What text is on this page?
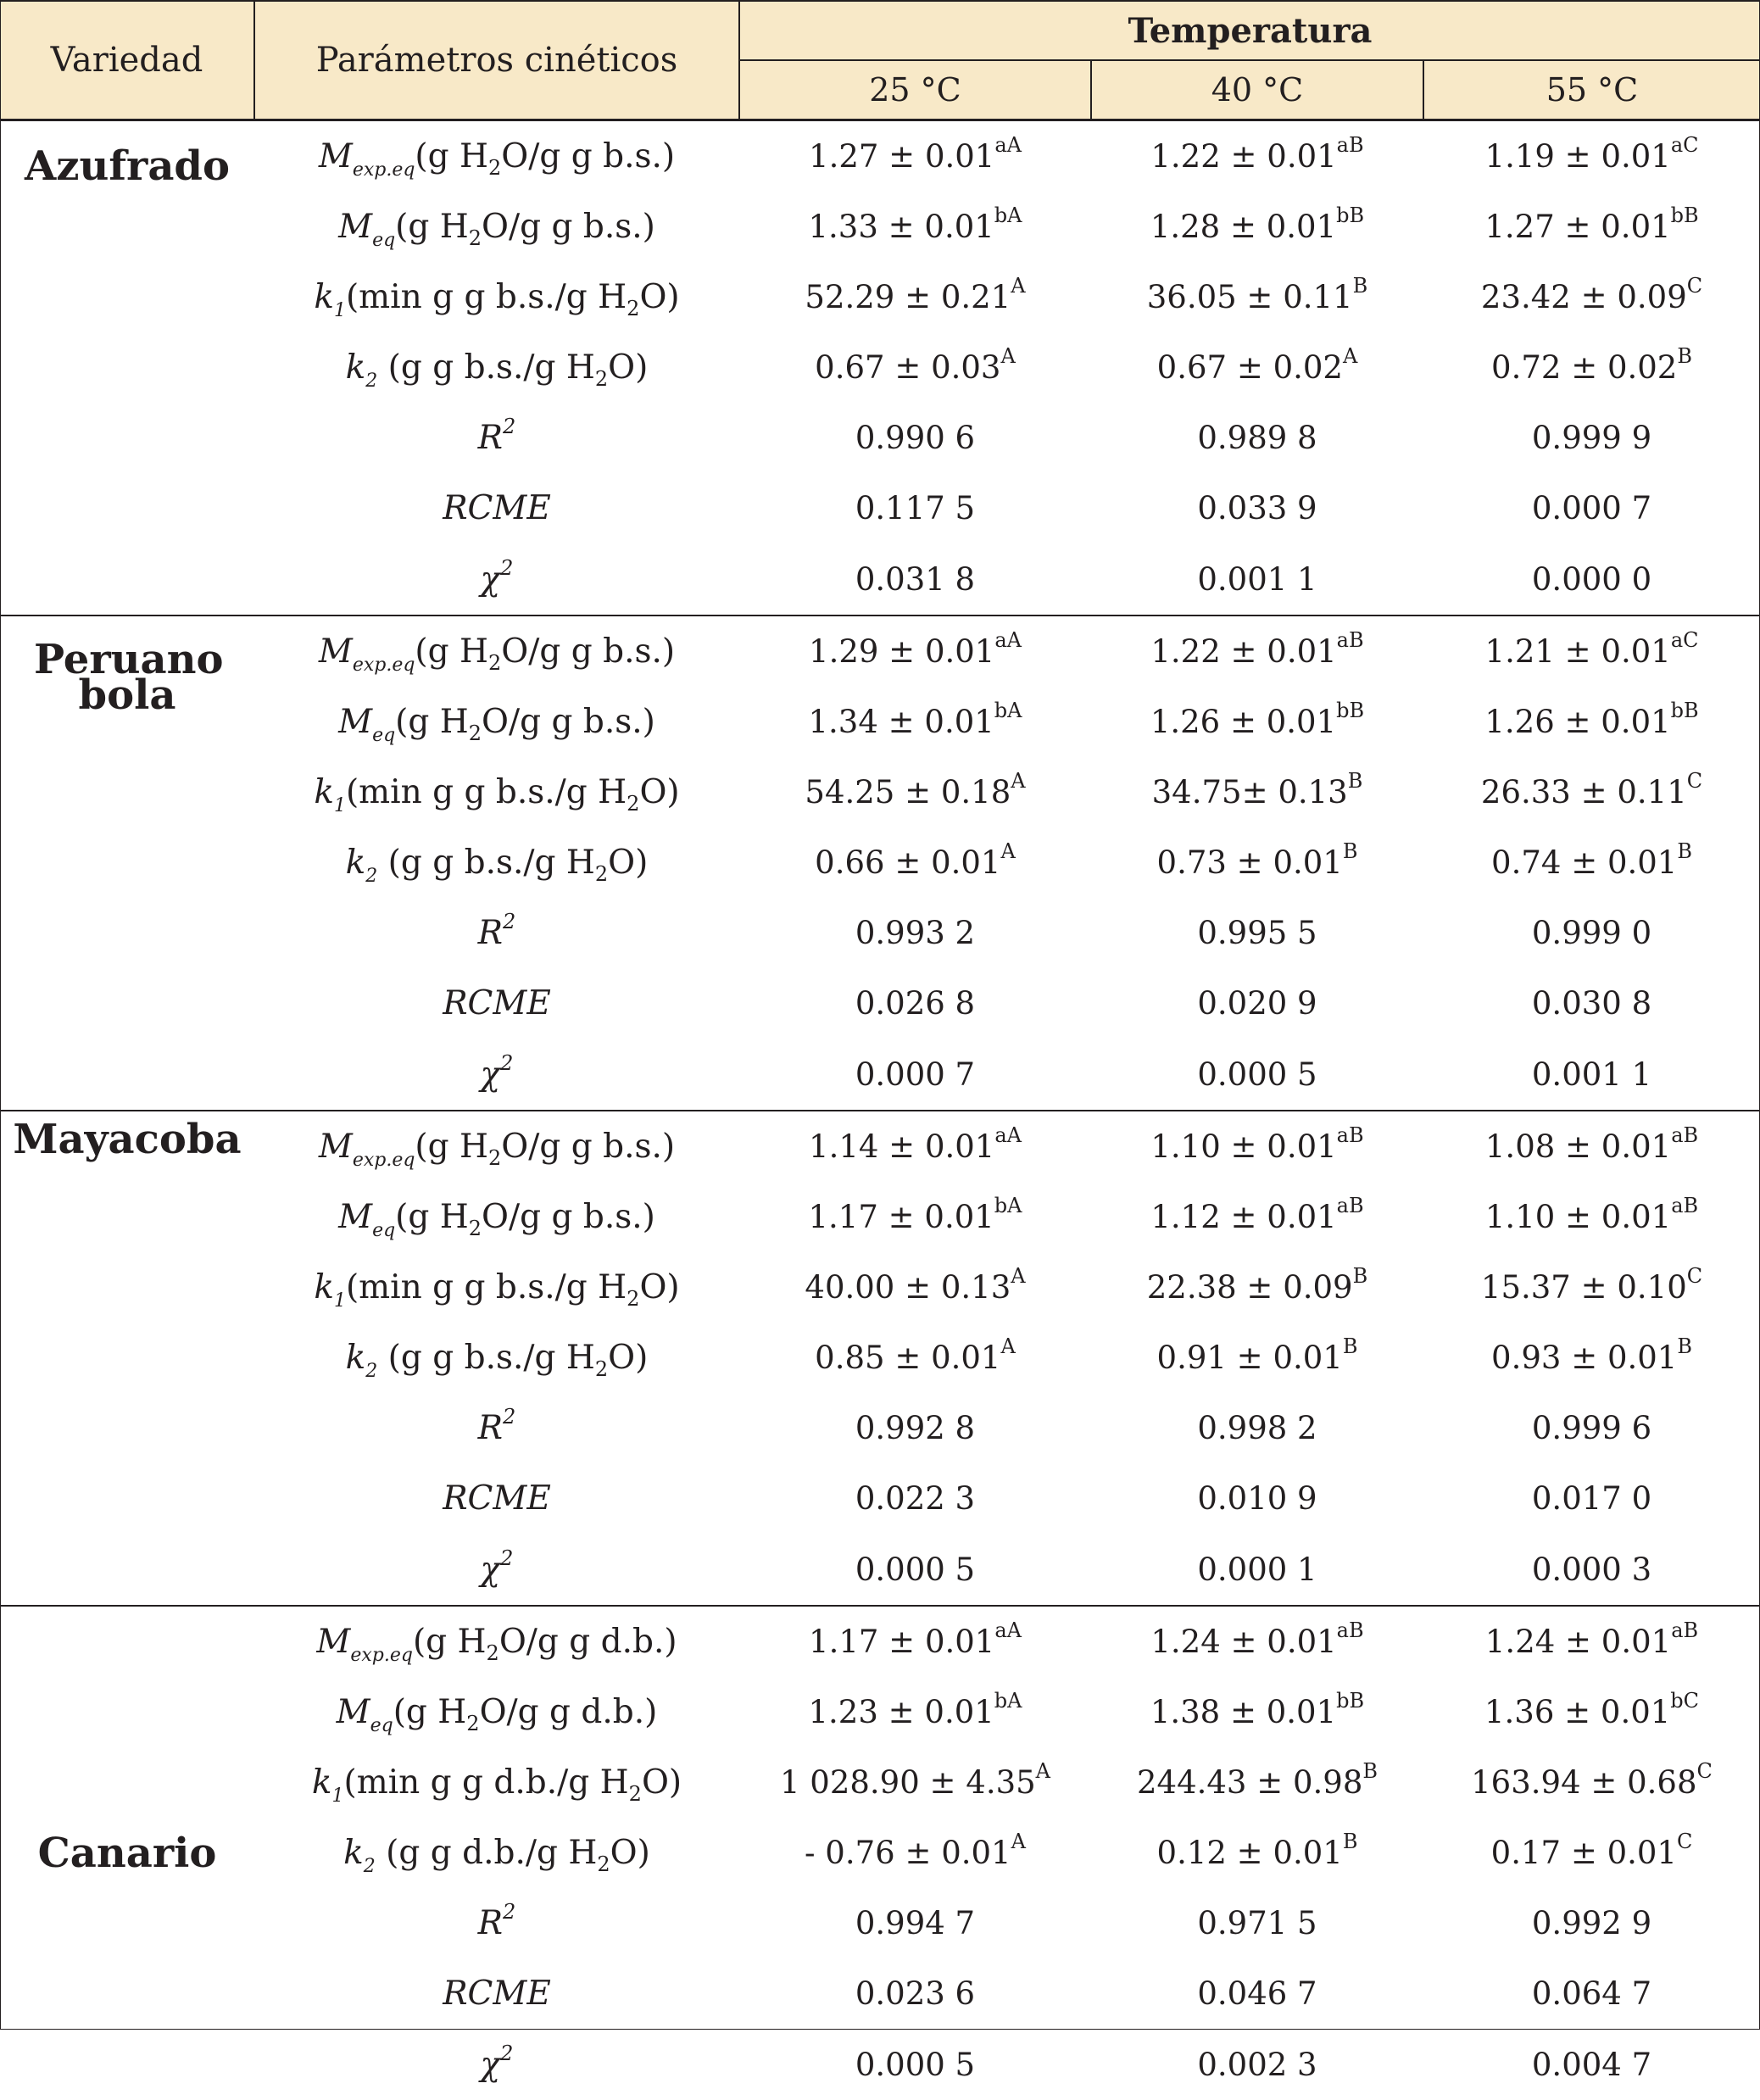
Variedad	Parámetros cinéticos	Temperatura		
		25 °C	40 °C	55 °C
Azufrado	$M_{exp.eq}(g$ $H_2O/g$ g b.s.)	$1.27 \pm 0.01^{aA}$	$1.22 \pm 0.01^{aB}$	$1.19 \pm 0.01^{aC}$
	$M_{eq}(g$ $H_2O/g$ g b.s.)	$1.33 \pm 0.01^{bA}$	$1.28 \pm 0.01^{bB}$	$1.27 \pm 0.01^{bB}$
	$k_1(\min$ g g b.s./g $H_2O$)	$52.29 \pm 0.21^A$	$36.05 \pm 0.11^B$	$23.42 \pm 0.09^C$
	$k_2$ (g g b.s./g $H_2O$)	$0.67 \pm 0.03^A$	$0.67 \pm 0.02^A$	$0.72 \pm 0.02^B$
	$R^2$	0.990 6	0.989 8	0.999 9
	RCME	0.117 5	0.033 9	0.000 7
	$\chi^2$	0.031 8	0.001 1	0.000 0
Peruano bola	$M_{exp.eq}(g$ $H_2O/g$ g b.s.)	$1.29 \pm 0.01^{aA}$	$1.22 \pm 0.01^{aB}$	$1.21 \pm 0.01^{aC}$
	$M_{eq}(g$ $H_2O/g$ g b.s.)	$1.34 \pm 0.01^{bA}$	$1.26 \pm 0.01^{bB}$	$1.26 \pm 0.01^{bB}$
	$k_1(\min$ g g b.s./g $H_2O$)	$54.25 \pm 0.18^A$	$34.75\pm 0.13^B$	$26.33 \pm 0.11^C$
	$k_2$ (g g b.s./g $H_2O$)	$0.66 \pm 0.01^A$	$0.73 \pm 0.01^B$	$0.74 \pm 0.01^B$
	$R^2$	0.993 2	0.995 5	0.999 0
	RCME	0.026 8	0.020 9	0.030 8
	$\chi^2$	0.000 7	0.000 5	0.001 1
Mayacoba	$M_{exp.eq}(g$ $H_2O/g$ g b.s.)	$1.14 \pm 0.01^{aA}$	$1.10 \pm 0.01^{aB}$	$1.08 \pm 0.01^{aB}$
	$M_{eq}(g$ $H_2O/g$ g b.s.)	$1.17 \pm 0.01^{bA}$	$1.12 \pm 0.01^{aB}$	$1.10 \pm 0.01^{aB}$
	$k_1(\min$ g g b.s./g $H_2O$)	$40.00 \pm 0.13^A$	$22.38 \pm 0.09^B$	$15.37 \pm 0.10^C$
	$k_2$ (g g b.s./g $H_2O$)	$0.85 \pm 0.01^A$	$0.91 \pm 0.01^B$	$0.93 \pm 0.01^B$
	$R^2$	0.992 8	0.998 2	0.999 6
	RCME	0.022 3	0.010 9	0.017 0
	$\chi^2$	0.000 5	0.000 1	0.000 3
Canario	$M_{exp.eq}(g$ $H_2O/g$ g d.b.)	$1.17 \pm 0.01^{aA}$	$1.24 \pm 0.01^{aB}$	$1.24 \pm 0.01^{aB}$
	$M_{eq}(g$ $H_2O/g$ g d.b.)	$1.23 \pm 0.01^{bA}$	$1.38 \pm 0.01^{bB}$	$1.36 \pm 0.01^{bC}$
	$k_1(\min$ g g d.b./g $H_2O$)	1 $028.90 \pm 4.35^A$	$244.43 \pm 0.98^B$	$163.94 \pm 0.68^C$
	$k_2$ (g g d.b./g $H_2O$)	- $0.76 \pm 0.01^A$	$0.12 \pm 0.01^B$	$0.17 \pm 0.01^C$
	$R^2$	0.994 7	0.971 5	0.992 9
	RCME	0.023 6	0.046 7	0.064 7
	$\chi^2$	0.000 5	0.002 3	0.004 7
